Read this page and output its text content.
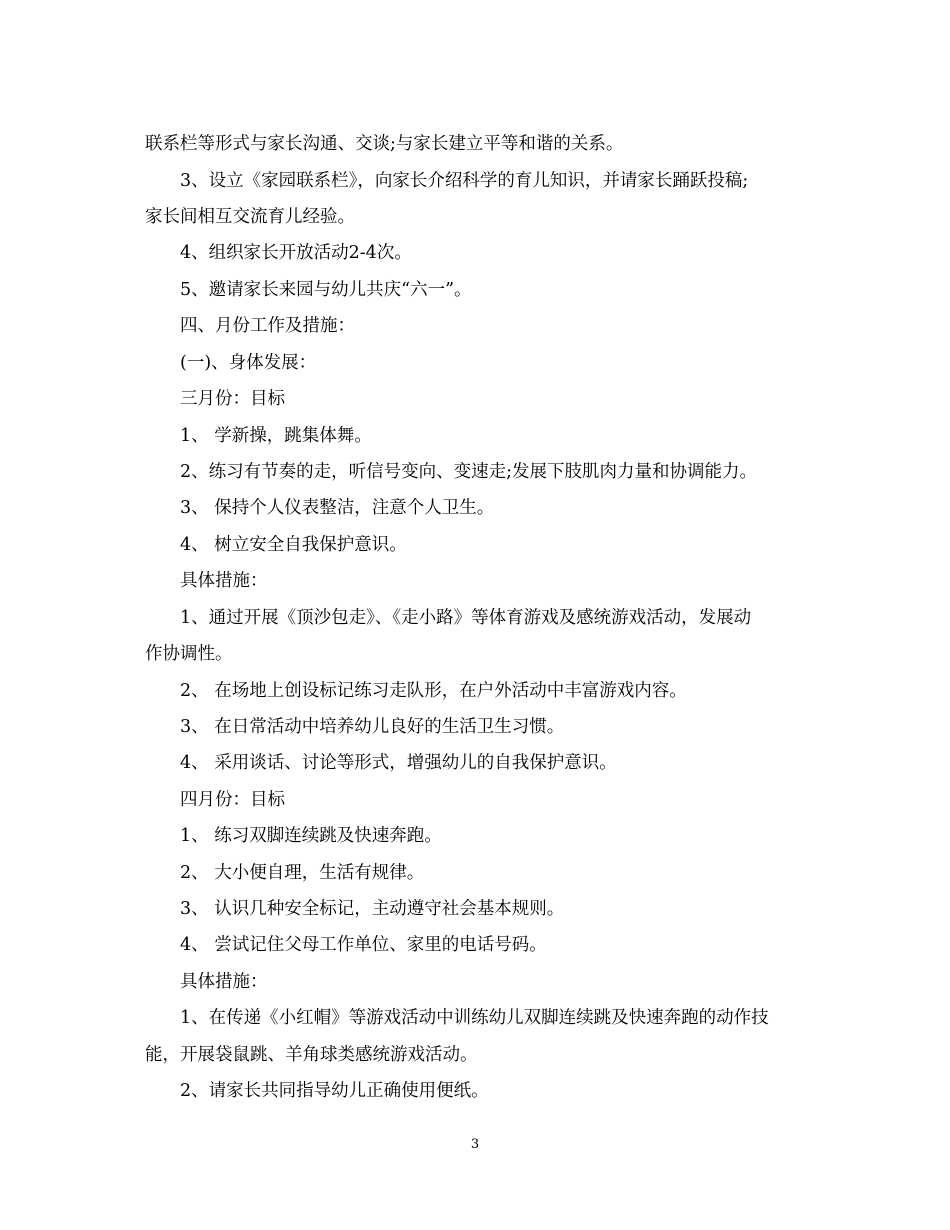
联系栏等形式与家长沟通、交谈;与家长建立平等和谐的关系。
3、设立《家园联系栏》，向家长介绍科学的育儿知识，并请家长踊跃投稿;
家长间相互交流育儿经验。
4、组织家长开放活动2-4次。
5、邀请家长来园与幼儿共庆“六一”。
四、月份工作及措施：
(一)、身体发展：
三月份：目标
1、 学新操，跳集体舞。
2、练习有节奏的走，听信号变向、变速走;发展下肢肌肉力量和协调能力。
3、 保持个人仪表整洁，注意个人卫生。
4、 树立安全自我保护意识。
具体措施：
1、通过开展《顶沙包走》、《走小路》等体育游戏及感统游戏活动，发展动
作协调性。
2、 在场地上创设标记练习走队形，在户外活动中丰富游戏内容。
3、 在日常活动中培养幼儿良好的生活卫生习惯。
4、 采用谈话、讨论等形式，增强幼儿的自我保护意识。
四月份：目标
1、 练习双脚连续跳及快速奔跑。
2、 大小便自理，生活有规律。
3、 认识几种安全标记，主动遵守社会基本规则。
4、 尝试记住父母工作单位、家里的电话号码。
具体措施：
1、在传递《小红帽》等游戏活动中训练幼儿双脚连续跳及快速奔跑的动作技
能，开展袋鼠跳、羊角球类感统游戏活动。
2、请家长共同指导幼儿正确使用便纸。
3
